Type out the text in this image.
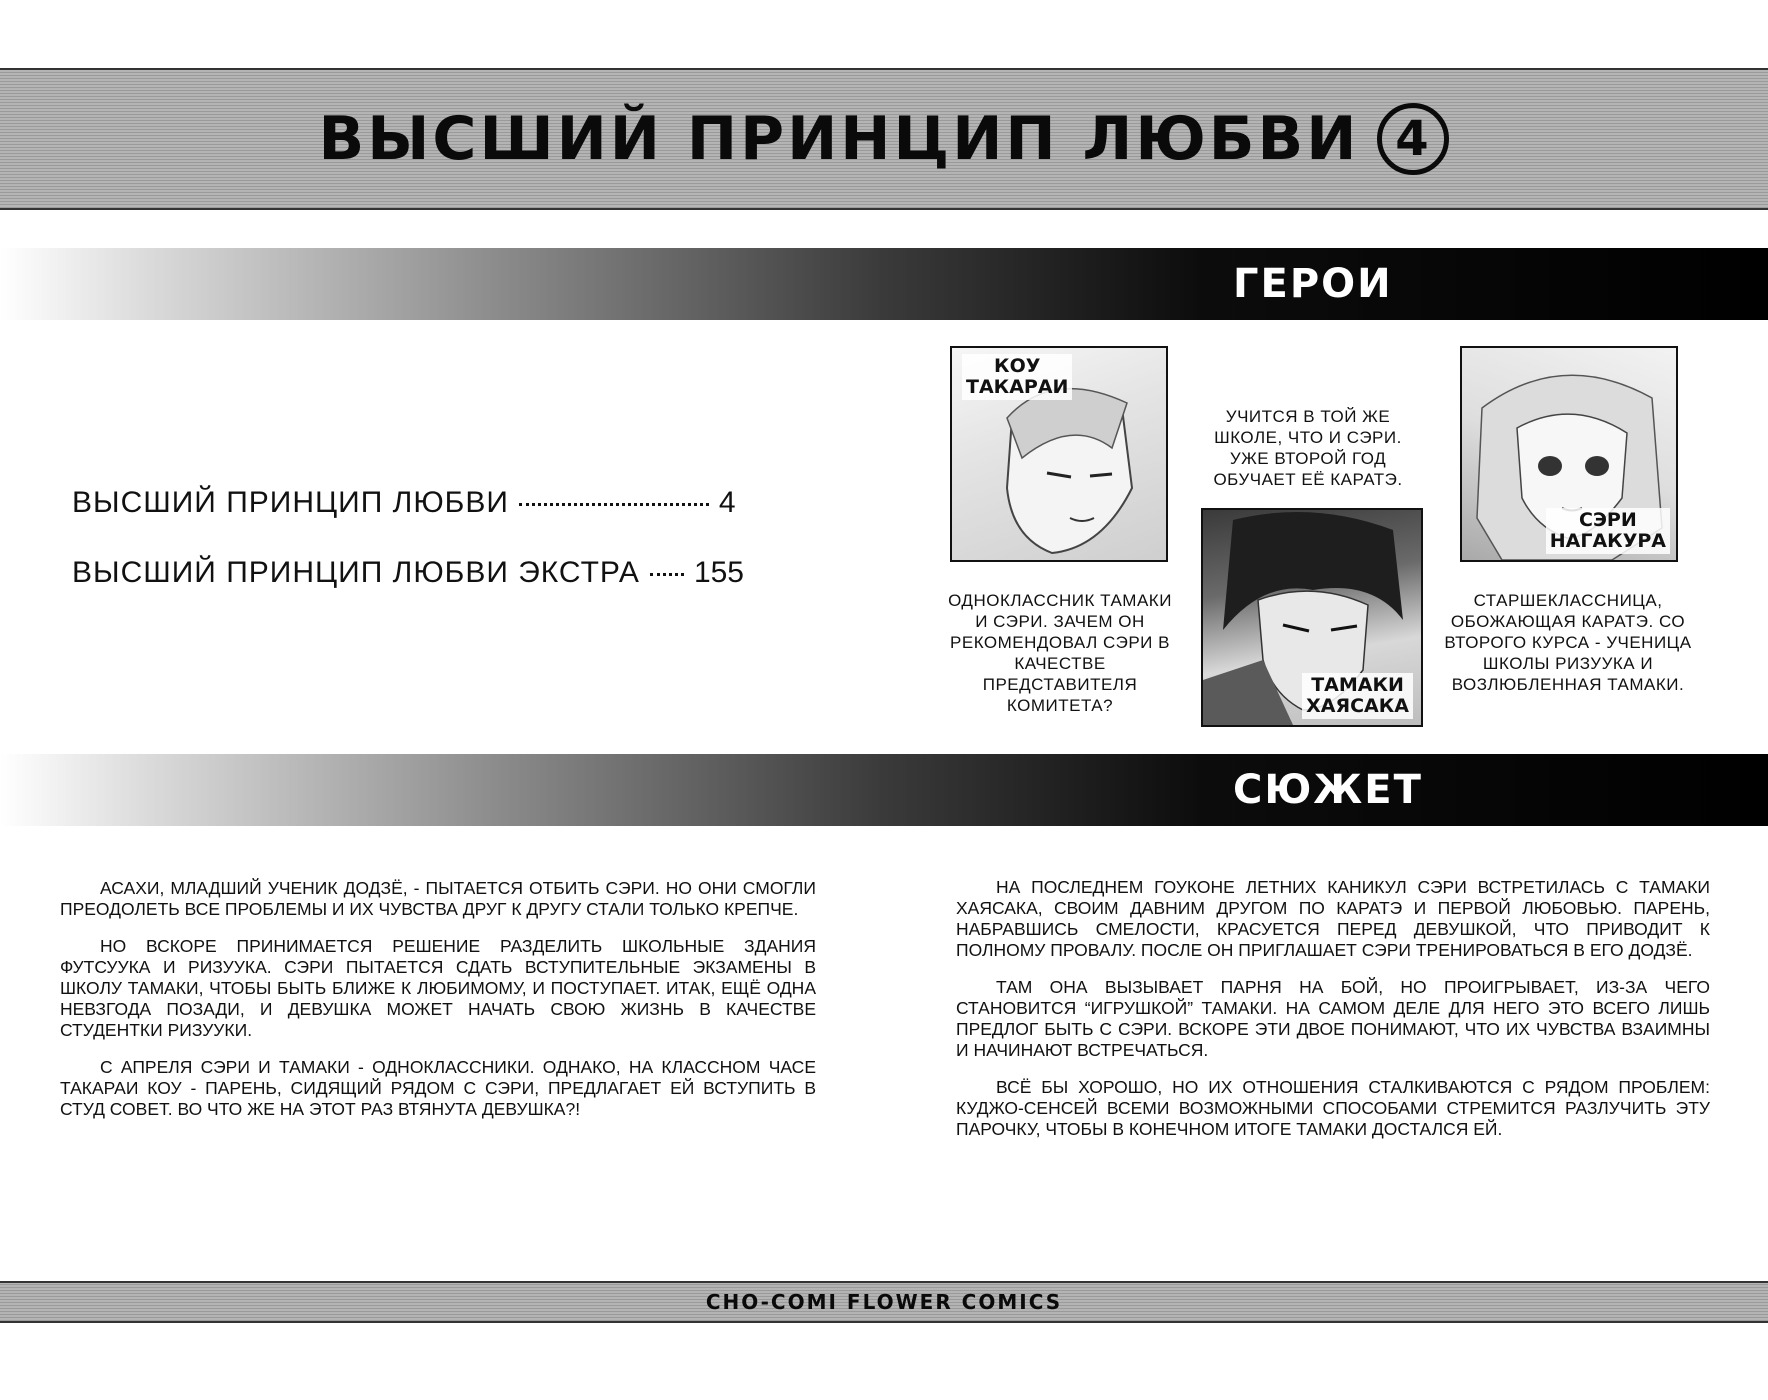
ВЫСШИЙ ПРИНЦИП ЛЮБВИ 4
ГЕРОИ
ВЫСШИЙ ПРИНЦИП ЛЮБВИ	4
ВЫСШИЙ ПРИНЦИП ЛЮБВИ ЭКСТРА 155
КОУ
ТАКАРАИ
ТАМАКИ
ХАЯСАКА
СЭРИ
НАГАКУРА
УЧИТСЯ В ТОЙ ЖЕ ШКОЛЕ, ЧТО И СЭРИ. УЖЕ ВТОРОЙ ГОД ОБУЧАЕТ ЕЁ КАРАТЭ.
ОДНОКЛАССНИК ТАМАКИ И СЭРИ. ЗАЧЕМ ОН РЕКОМЕНДОВАЛ СЭРИ В КАЧЕСТВЕ ПРЕДСТАВИТЕЛЯ КОМИТЕТА?
СТАРШЕКЛАССНИЦА, ОБОЖАЮЩАЯ КАРАТЭ. СО ВТОРОГО КУРСА - УЧЕНИЦА ШКОЛЫ РИЗУУКА И ВОЗЛЮБЛЕННАЯ ТАМАКИ.
СЮЖЕТ

АСАХИ, МЛАДШИЙ УЧЕНИК ДОДЗЁ, - ПЫТАЕТСЯ ОТБИТЬ СЭРИ. НО ОНИ СМОГЛИ ПРЕОДОЛЕТЬ ВСЕ ПРОБЛЕМЫ И ИХ ЧУВСТВА ДРУГ К ДРУГУ СТАЛИ ТОЛЬКО КРЕПЧЕ.

НО ВСКОРЕ ПРИНИМАЕТСЯ РЕШЕНИЕ РАЗДЕЛИТЬ ШКОЛЬНЫЕ ЗДАНИЯ ФУТСУУКА И РИЗУУКА. СЭРИ ПЫТАЕТСЯ СДАТЬ ВСТУПИТЕЛЬНЫЕ ЭКЗАМЕНЫ В ШКОЛУ ТАМАКИ, ЧТОБЫ БЫТЬ БЛИЖЕ К ЛЮБИМОМУ, И ПОСТУПАЕТ. ИТАК, ЕЩЁ ОДНА НЕВЗГОДА ПОЗАДИ, И ДЕВУШКА МОЖЕТ НАЧАТЬ СВОЮ ЖИЗНЬ В КАЧЕСТВЕ СТУДЕНТКИ РИЗУУКИ.

С АПРЕЛЯ СЭРИ И ТАМАКИ - ОДНОКЛАССНИКИ. ОДНАКО, НА КЛАССНОМ ЧАСЕ ТАКАРАИ КОУ - ПАРЕНЬ, СИДЯЩИЙ РЯДОМ С СЭРИ, ПРЕДЛАГАЕТ ЕЙ ВСТУПИТЬ В СТУД СОВЕТ. ВО ЧТО ЖЕ НА ЭТОТ РАЗ ВТЯНУТА ДЕВУШКА?!

НА ПОСЛЕДНЕМ ГОУКОНЕ ЛЕТНИХ КАНИКУЛ СЭРИ ВСТРЕТИЛАСЬ С ТАМАКИ ХАЯСАКА, СВОИМ ДАВНИМ ДРУГОМ ПО КАРАТЭ И ПЕРВОЙ ЛЮБОВЬЮ. ПАРЕНЬ, НАБРАВШИСЬ СМЕЛОСТИ, КРАСУЕТСЯ ПЕРЕД ДЕВУШКОЙ, ЧТО ПРИВОДИТ К ПОЛНОМУ ПРОВАЛУ. ПОСЛЕ ОН ПРИГЛАШАЕТ СЭРИ ТРЕНИРОВАТЬСЯ В ЕГО ДОДЗЁ.

ТАМ ОНА ВЫЗЫВАЕТ ПАРНЯ НА БОЙ, НО ПРОИГРЫВАЕТ, ИЗ-ЗА ЧЕГО СТАНОВИТСЯ “ИГРУШКОЙ” ТАМАКИ. НА САМОМ ДЕЛЕ ДЛЯ НЕГО ЭТО ВСЕГО ЛИШЬ ПРЕДЛОГ БЫТЬ С СЭРИ. ВСКОРЕ ЭТИ ДВОЕ ПОНИМАЮТ, ЧТО ИХ ЧУВСТВА ВЗАИМНЫ И НАЧИНАЮТ ВСТРЕЧАТЬСЯ.

ВСЁ БЫ ХОРОШО, НО ИХ ОТНОШЕНИЯ СТАЛКИВАЮТСЯ С РЯДОМ ПРОБЛЕМ: КУДЖО-СЕНСЕЙ ВСЕМИ ВОЗМОЖНЫМИ СПОСОБАМИ СТРЕМИТСЯ РАЗЛУЧИТЬ ЭТУ ПАРОЧКУ, ЧТОБЫ В КОНЕЧНОМ ИТОГЕ ТАМАКИ ДОСТАЛСЯ ЕЙ.

CHO-COMI FLOWER COMICS
